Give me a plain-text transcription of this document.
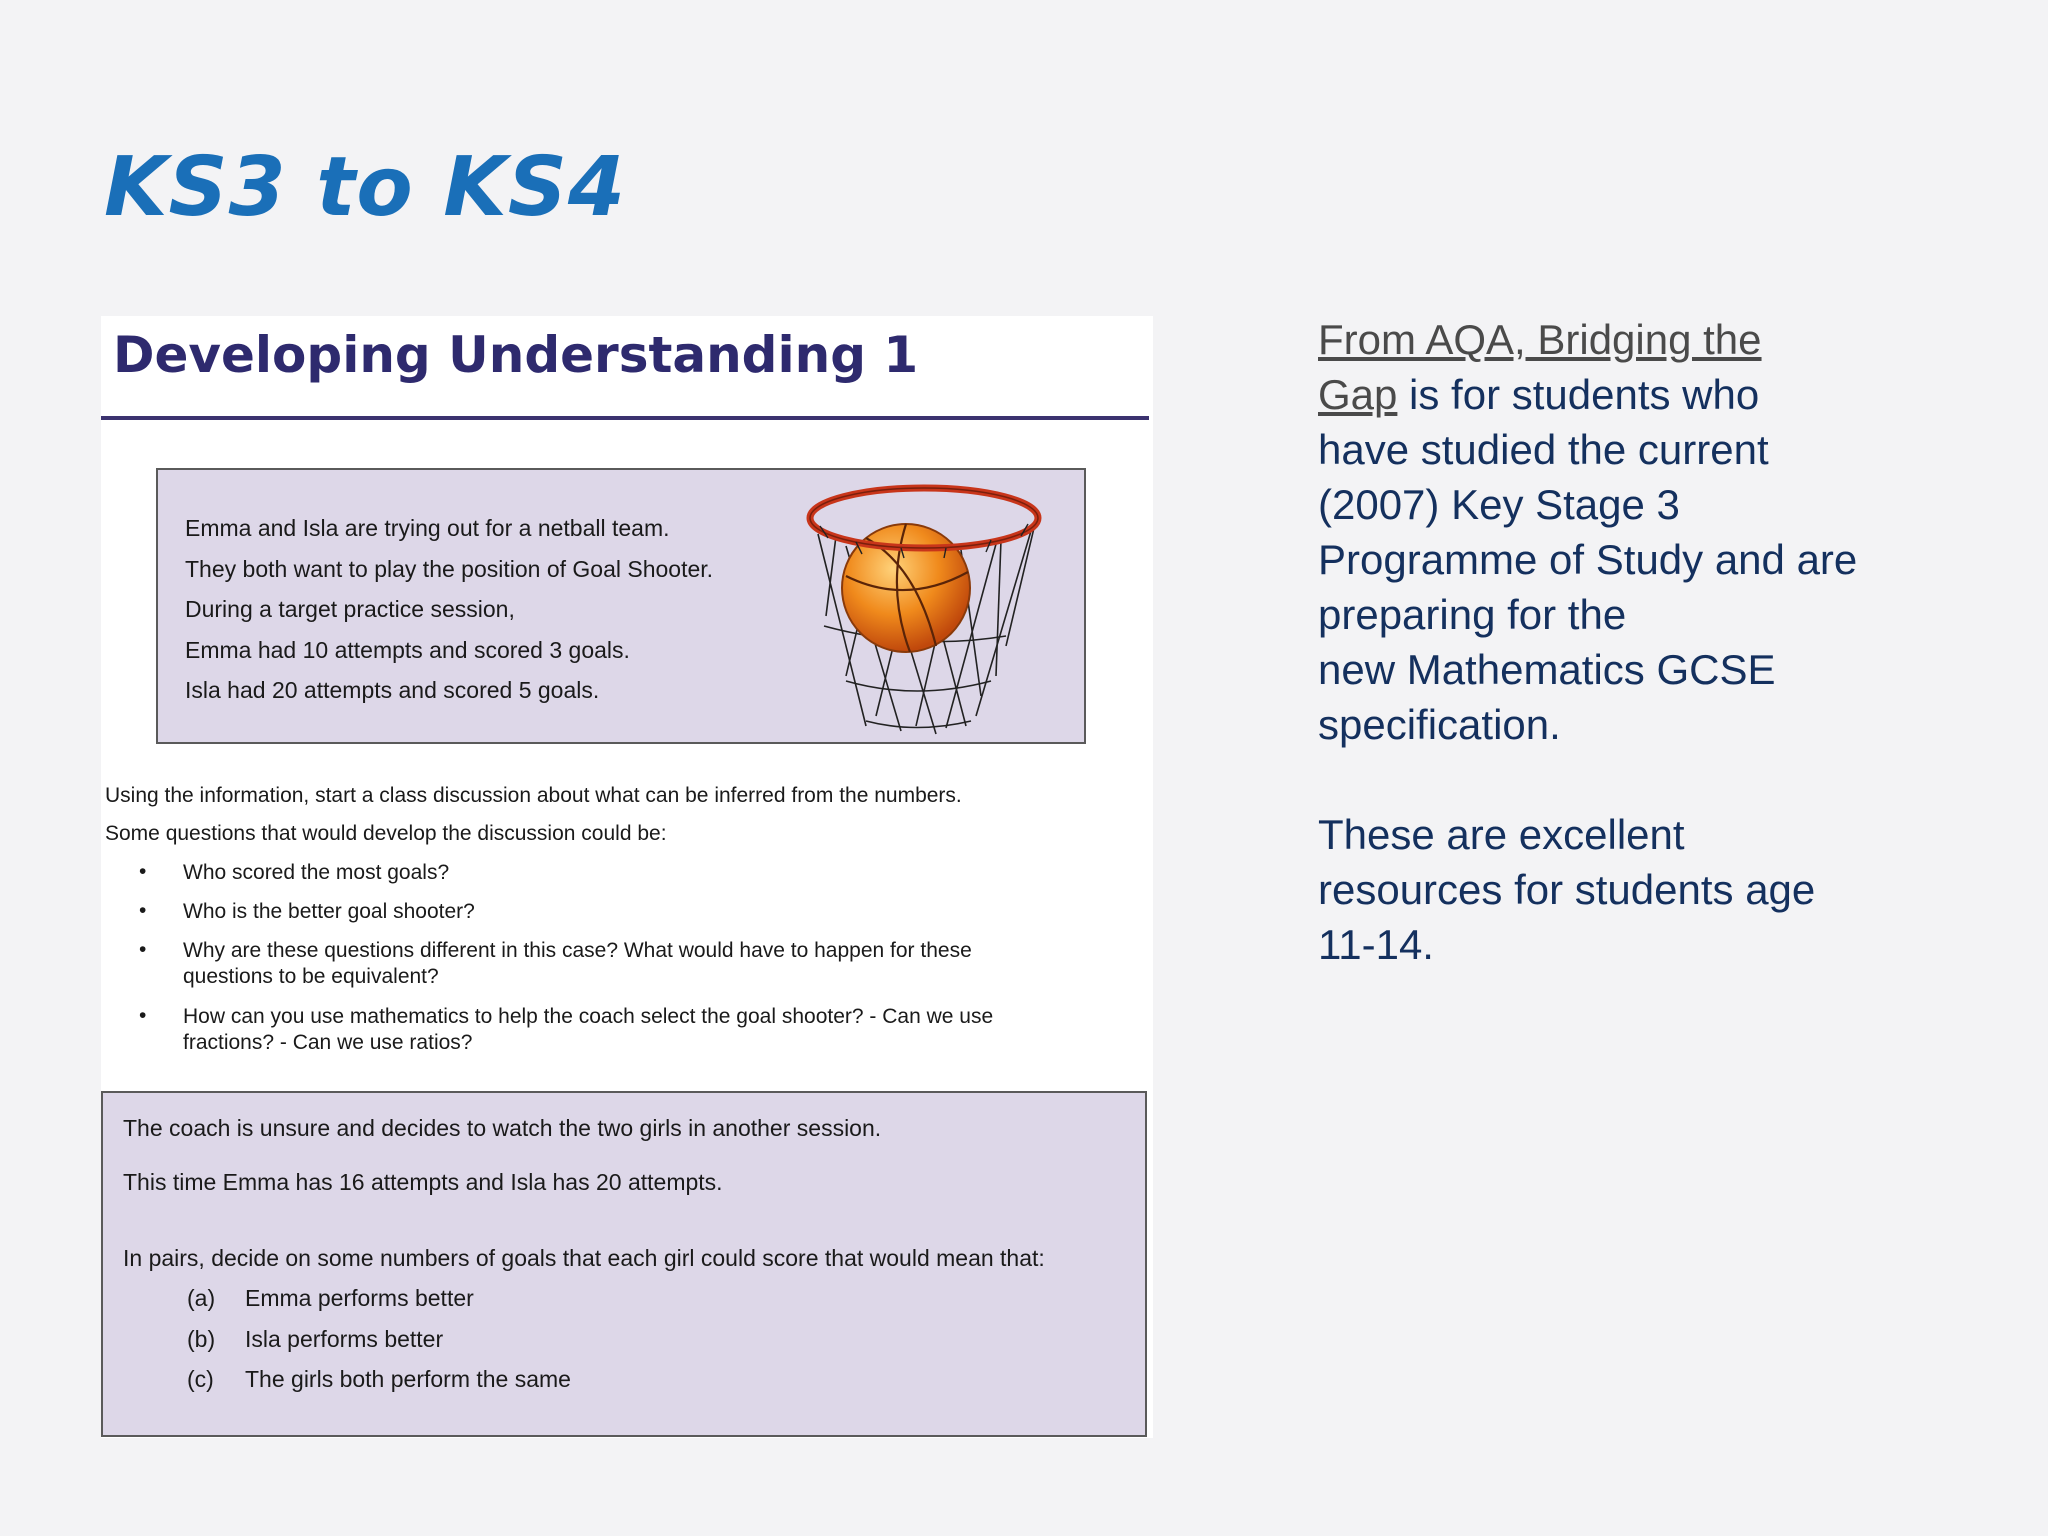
KS3 to KS4
Developing Understanding 1
Emma and Isla are trying out for a netball team.
They both want to play the position of Goal Shooter.
During a target practice session,
Emma had 10 attempts and scored 3 goals.
Isla had 20 attempts and scored 5 goals.
Using the information, start a class discussion about what can be inferred from the numbers.
Some questions that would develop the discussion could be:
• Who scored the most goals?
• Who is the better goal shooter?
• Why are these questions different in this case? What would have to happen for these questions to be equivalent?
• How can you use mathematics to help the coach select the goal shooter? - Can we use fractions? - Can we use ratios?
The coach is unsure and decides to watch the two girls in another session.
This time Emma has 16 attempts and Isla has 20 attempts.
In pairs, decide on some numbers of goals that each girl could score that would mean that:
(a) Emma performs better
(b) Isla performs better
(c) The girls both perform the same

From AQA, Bridging the
Gap is for students who
have studied the current
(2007) Key Stage 3
Programme of Study and are
preparing for the
new Mathematics GCSE
specification.

These are excellent
resources for students age
11-14.
